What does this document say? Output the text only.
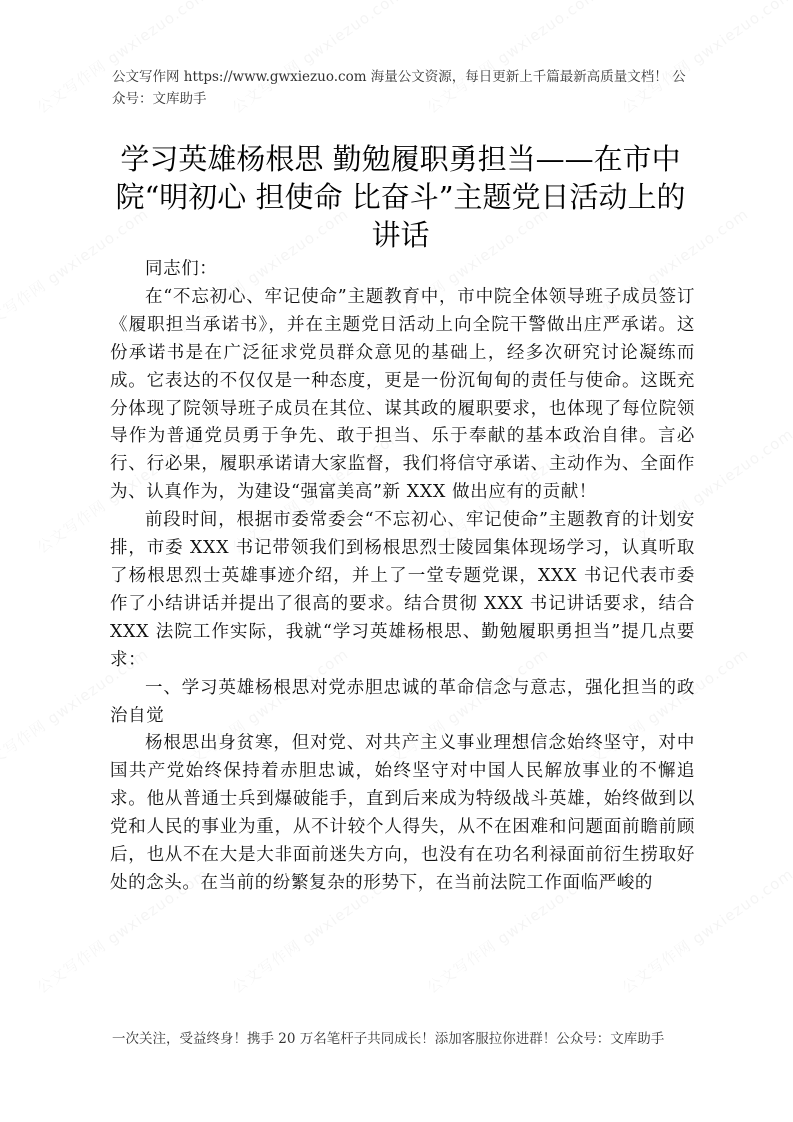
公文写作网 https://www.gwxiezuo.com 海量公文资源，每日更新上千篇最新高质量文档！ 公众号：文库助手
学习英雄杨根思 勤勉履职勇担当——在市中院“明初心 担使命 比奋斗”主题党日活动上的讲话

同志们：

在“不忘初心、牢记使命”主题教育中，市中院全体领导班子成员签订《履职担当承诺书》，并在主题党日活动上向全院干警做出庄严承诺。这份承诺书是在广泛征求党员群众意见的基础上，经多次研究讨论凝练而成。它表达的不仅仅是一种态度，更是一份沉甸甸的责任与使命。这既充分体现了院领导班子成员在其位、谋其政的履职要求，也体现了每位院领导作为普通党员勇于争先、敢于担当、乐于奉献的基本政治自律。言必行、行必果，履职承诺请大家监督，我们将信守承诺、主动作为、全面作为、认真作为，为建设“强富美高”新 XXX 做出应有的贡献！

前段时间，根据市委常委会“不忘初心、牢记使命”主题教育的计划安排，市委 XXX 书记带领我们到杨根思烈士陵园集体现场学习，认真听取了杨根思烈士英雄事迹介绍，并上了一堂专题党课，XXX 书记代表市委作了小结讲话并提出了很高的要求。结合贯彻 XXX 书记讲话要求，结合 XXX 法院工作实际，我就“学习英雄杨根思、勤勉履职勇担当”提几点要求：

一、学习英雄杨根思对党赤胆忠诚的革命信念与意志，强化担当的政治自觉

杨根思出身贫寒，但对党、对共产主义事业理想信念始终坚守，对中国共产党始终保持着赤胆忠诚，始终坚守对中国人民解放事业的不懈追求。他从普通士兵到爆破能手，直到后来成为特级战斗英雄，始终做到以党和人民的事业为重，从不计较个人得失，从不在困难和问题面前瞻前顾后，也从不在大是大非面前迷失方向，也没有在功名利禄面前衍生捞取好处的念头。在当前的纷繁复杂的形势下，在当前法院工作面临严峻的

一次关注，受益终身！携手 20 万名笔杆子共同成长！添加客服拉你进群！公众号：文库助手
